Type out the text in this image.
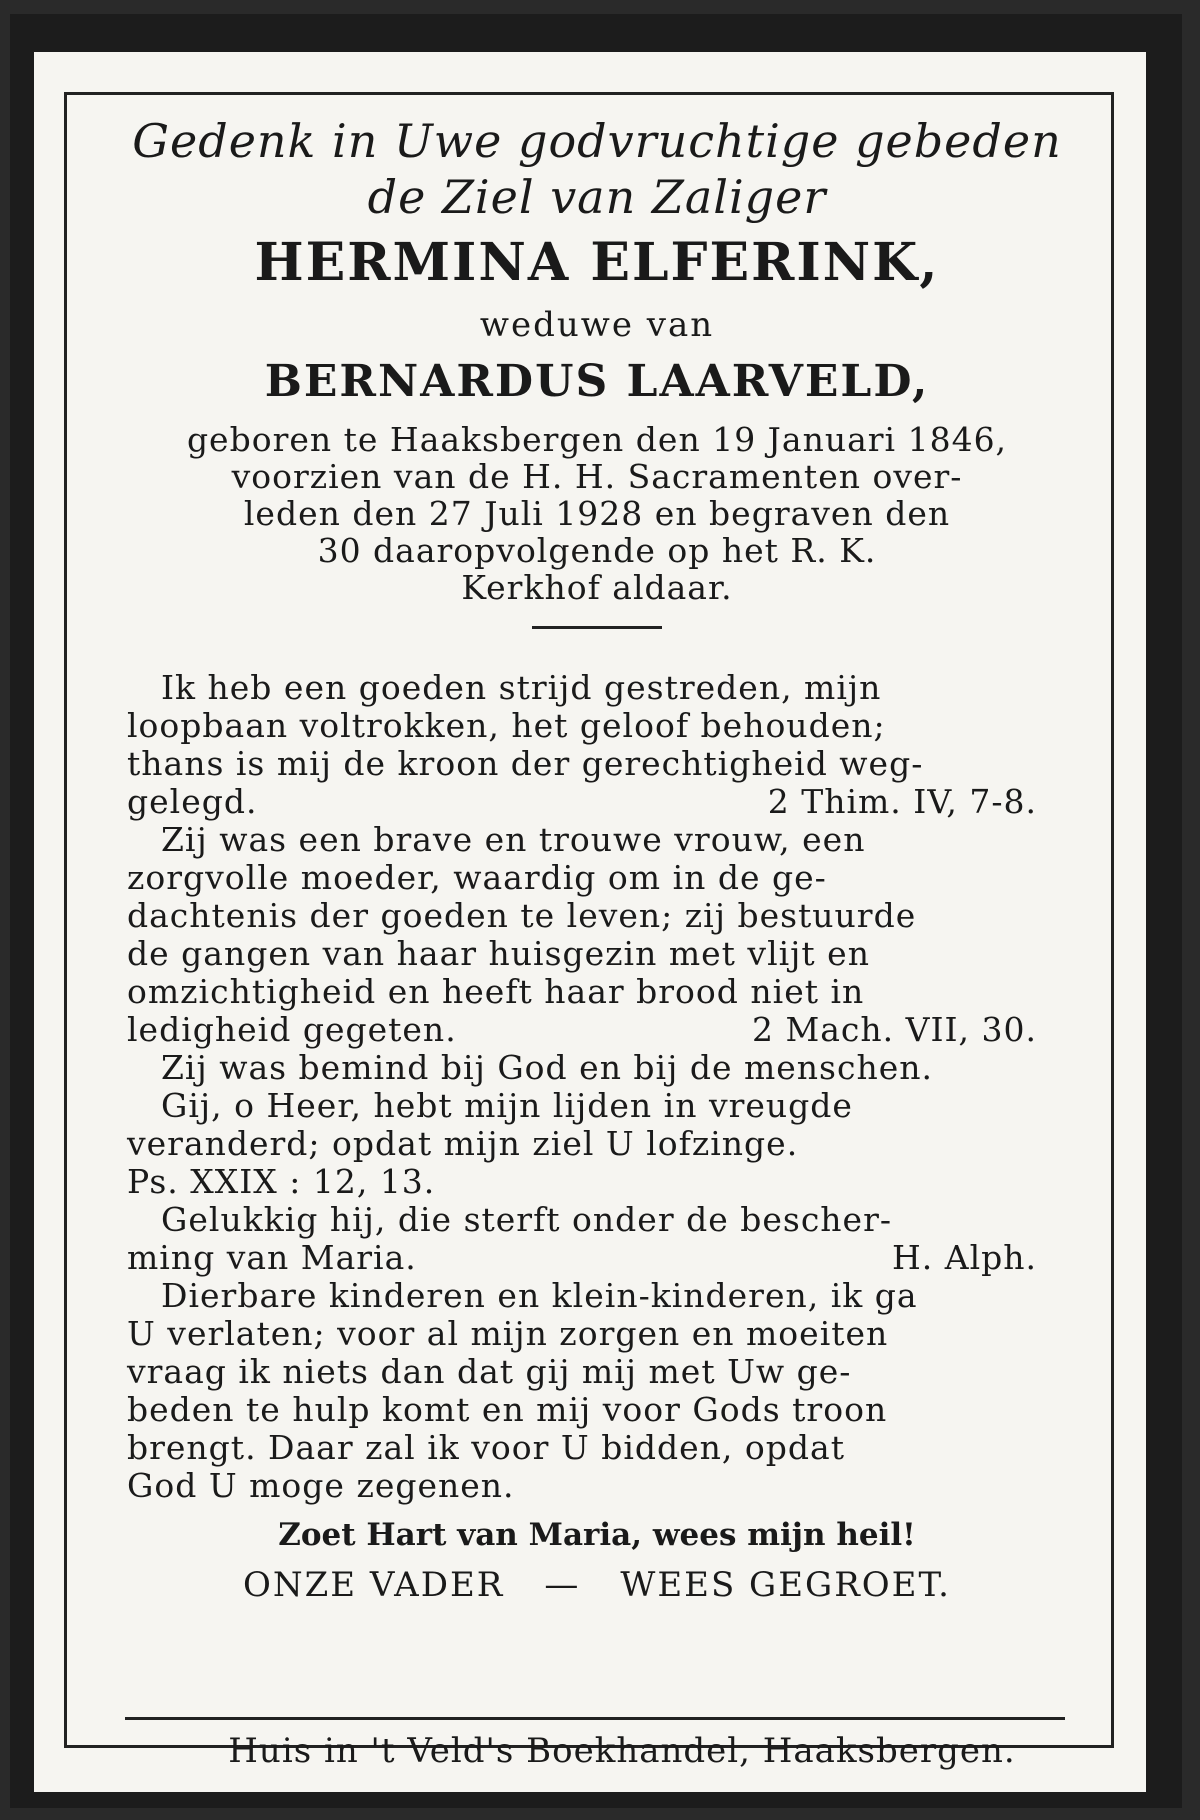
Gedenk in Uwe godvruchtige gebeden
de Ziel van Zaliger
HERMINA ELFERINK,
weduwe van
BERNARDUS LAARVELD,
geboren te Haaksbergen den 19 Januari 1846,
voorzien van de H. H. Sacramenten over-
leden den 27 Juli 1928 en begraven den
30 daaropvolgende op het R. K.
Kerkhof aldaar.
Ik heb een goeden strijd gestreden, mijn
loopbaan voltrokken, het geloof behouden;
thans is mij de kroon der gerechtigheid weg-
gelegd.	2 Thim. IV, 7-8.
Zij was een brave en trouwe vrouw, een
zorgvolle moeder, waardig om in de ge-
dachtenis der goeden te leven; zij bestuurde
de gangen van haar huisgezin met vlijt en
omzichtigheid en heeft haar brood niet in
ledigheid gegeten.	2 Mach. VII, 30.
Zij was bemind bij God en bij de menschen.
Gij, o Heer, hebt mijn lijden in vreugde
veranderd; opdat mijn ziel U lofzinge.
Ps. XXIX : 12, 13.
Gelukkig hij, die sterft onder de bescher-
ming van Maria.	H. Alph.
Dierbare kinderen en klein-kinderen, ik ga
U verlaten; voor al mijn zorgen en moeiten
vraag ik niets dan dat gij mij met Uw ge-
beden te hulp komt en mij voor Gods troon
brengt. Daar zal ik voor U bidden, opdat
God U moge zegenen.
Zoet Hart van Maria, wees mijn heil!
ONZE VADER — WEES GEGROET.
Huis in 't Veld's Boekhandel, Haaksbergen.
